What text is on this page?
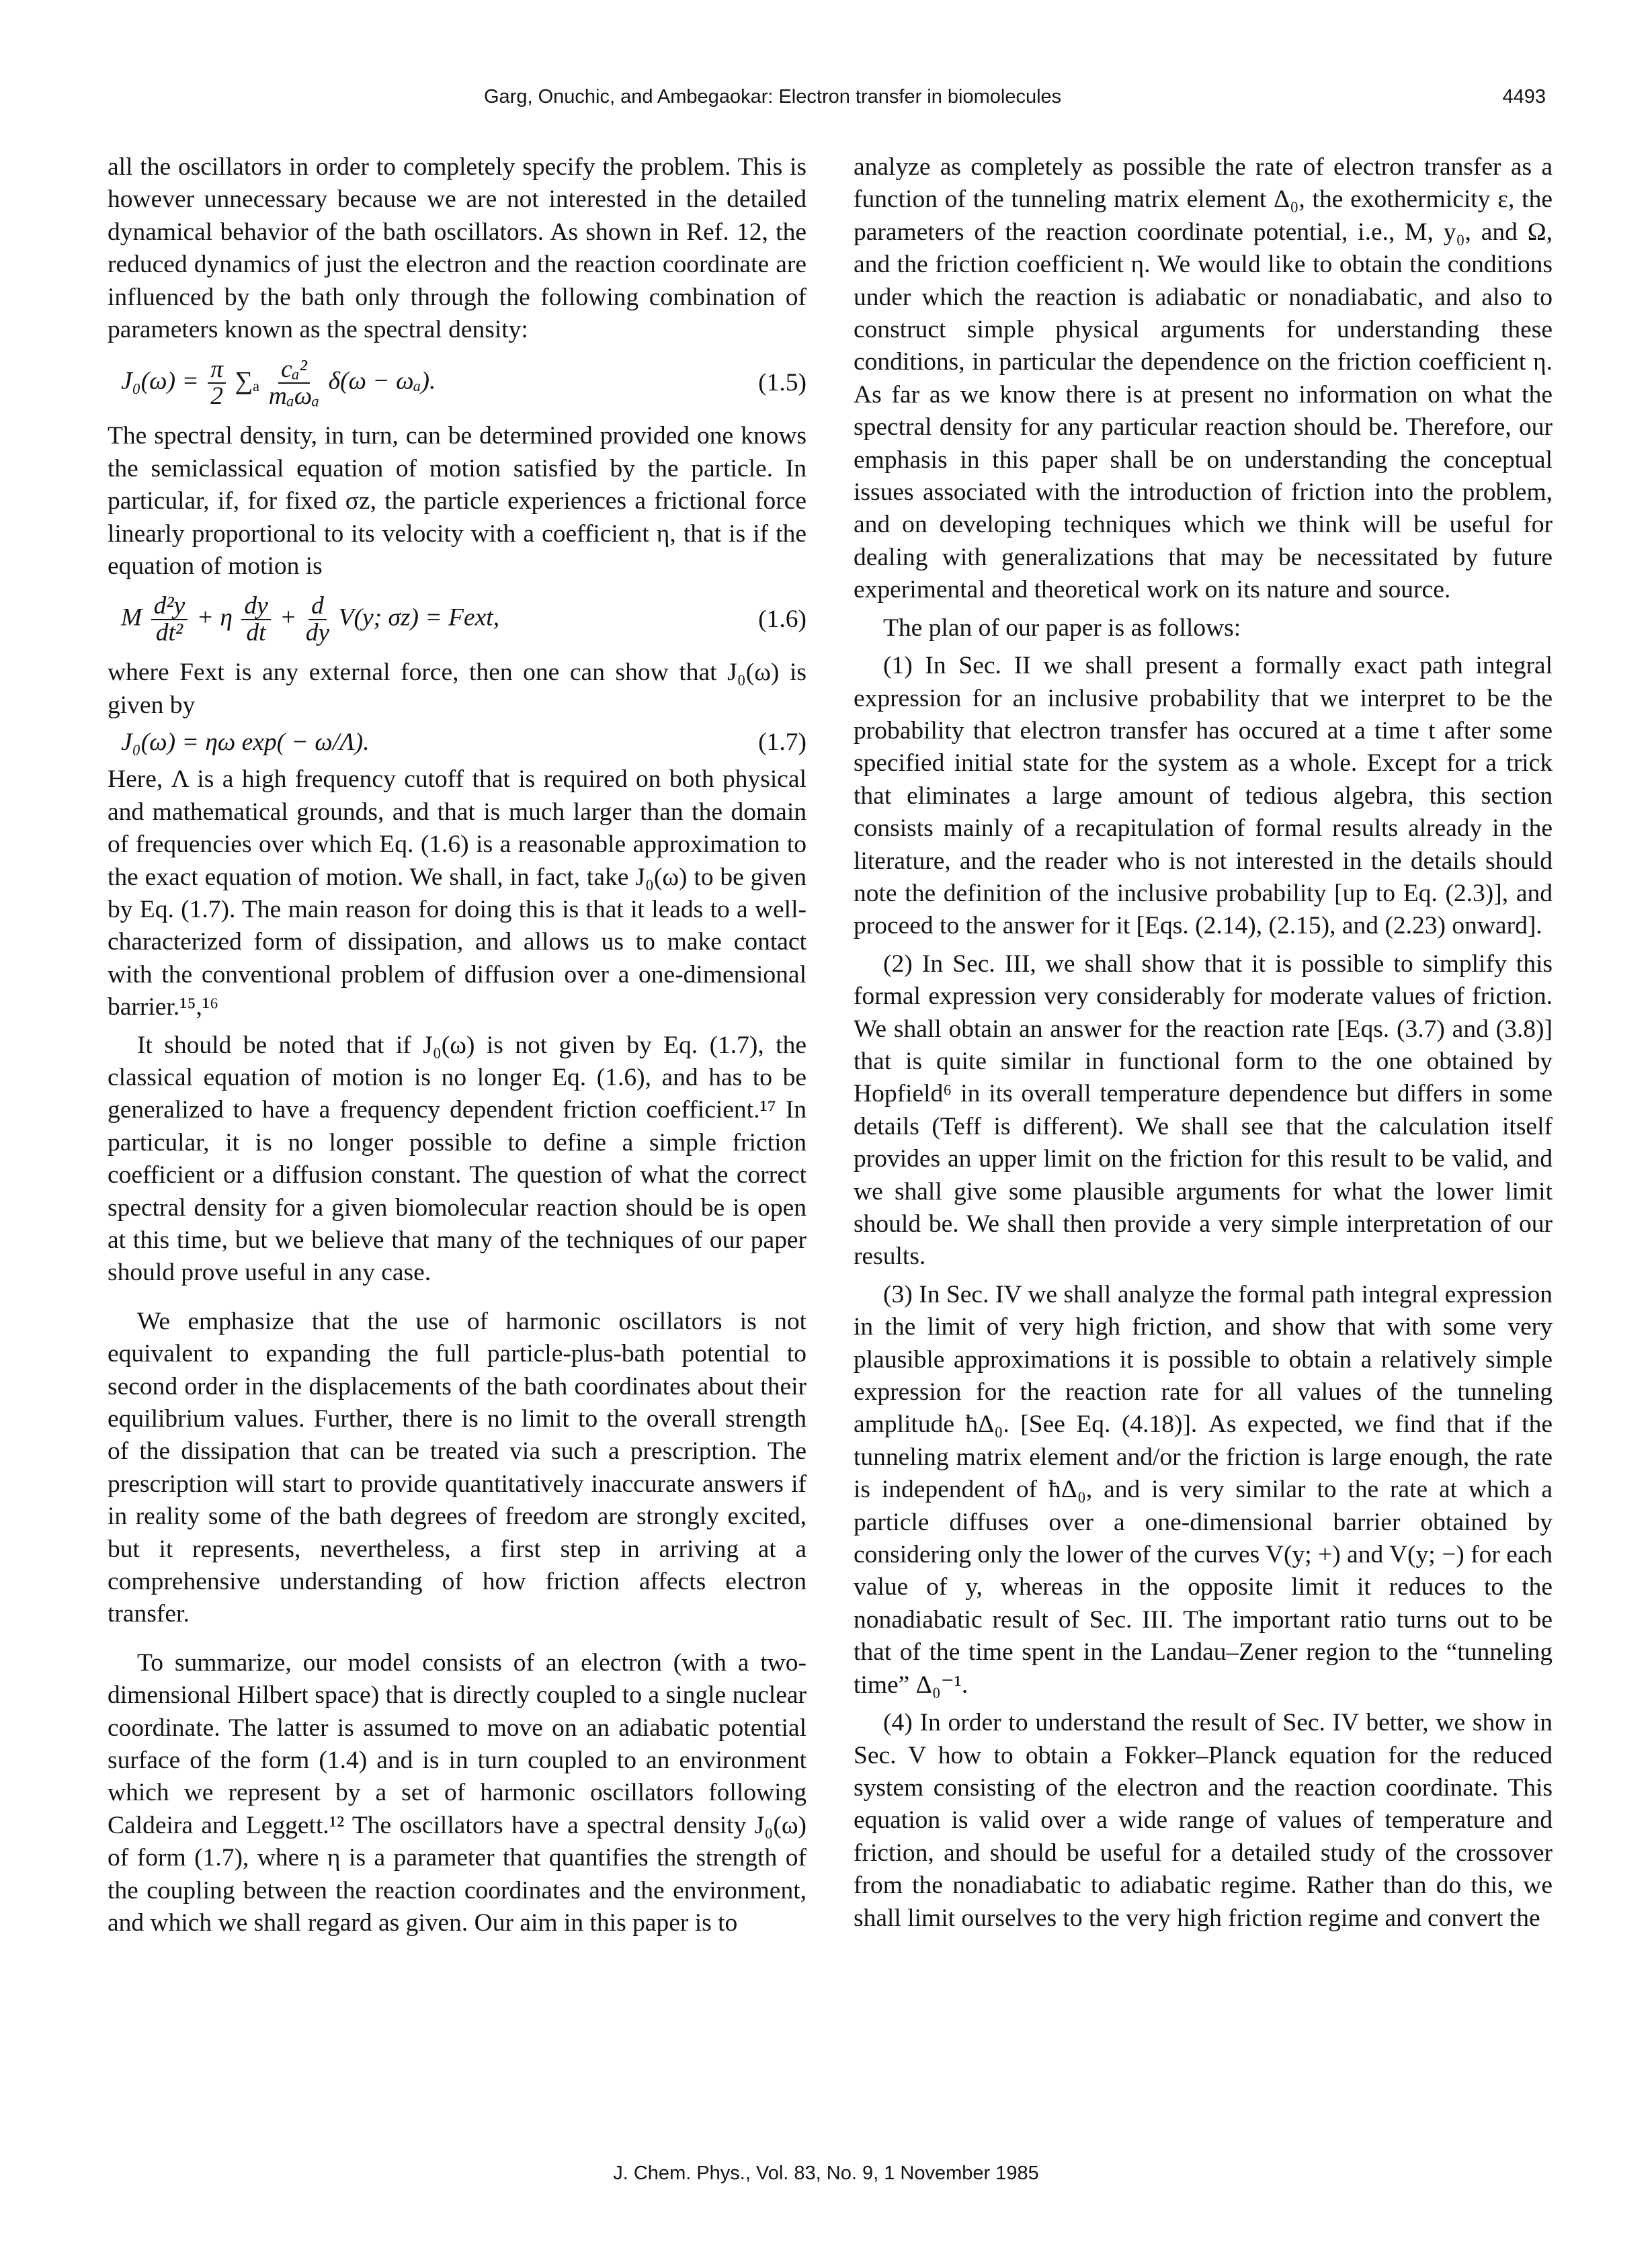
Garg, Onuchic, and Ambegaokar: Electron transfer in biomolecules	4493

all the oscillators in order to completely specify the problem. This is however unnecessary because we are not interested in the detailed dynamical behavior of the bath oscillators. As shown in Ref. 12, the reduced dynamics of just the electron and the reaction coordinate are influenced by the bath only through the following combination of parameters known as the spectral density:

$J_0(\omega) = \frac{\pi}{2} \sum_a \frac{\text{cₐ²}}{\text{mₐωₐ}} \delta(\omega - \omega_a)$.	(1.5)

The spectral density, in turn, can be determined provided one knows the semiclassical equation of motion satisfied by the particle. In particular, if, for fixed σz, the particle experiences a frictional force linearly proportional to its velocity with a coefficient η, that is if the equation of motion is

M $\frac{\text{d²y}}{\text{dt²}} + \eta \frac{dy}{dt} + \frac{d}{dy} V(y$; σz) = Fext,	(1.6)

where Fext is any external force, then one can show that J₀(ω) is given by

J₀(ω) = ηω exp( − ω/Λ).	(1.7)

Here, Λ is a high frequency cutoff that is required on both physical and mathematical grounds, and that is much larger than the domain of frequencies over which Eq. (1.6) is a reasonable approximation to the exact equation of motion. We shall, in fact, take J₀(ω) to be given by Eq. (1.7). The main reason for doing this is that it leads to a well-characterized form of dissipation, and allows us to make contact with the conventional problem of diffusion over a one-dimensional barrier.¹⁵,¹⁶

It should be noted that if J₀(ω) is not given by Eq. (1.7), the classical equation of motion is no longer Eq. (1.6), and has to be generalized to have a frequency dependent friction coefficient.¹⁷ In particular, it is no longer possible to define a simple friction coefficient or a diffusion constant. The question of what the correct spectral density for a given biomolecular reaction should be is open at this time, but we believe that many of the techniques of our paper should prove useful in any case.

We emphasize that the use of harmonic oscillators is not equivalent to expanding the full particle-plus-bath potential to second order in the displacements of the bath coordinates about their equilibrium values. Further, there is no limit to the overall strength of the dissipation that can be treated via such a prescription. The prescription will start to provide quantitatively inaccurate answers if in reality some of the bath degrees of freedom are strongly excited, but it represents, nevertheless, a first step in arriving at a comprehensive understanding of how friction affects electron transfer.

To summarize, our model consists of an electron (with a two-dimensional Hilbert space) that is directly coupled to a single nuclear coordinate. The latter is assumed to move on an adiabatic potential surface of the form (1.4) and is in turn coupled to an environment which we represent by a set of harmonic oscillators following Caldeira and Leggett.¹² The oscillators have a spectral density J₀(ω) of form (1.7), where η is a parameter that quantifies the strength of the coupling between the reaction coordinates and the environment, and which we shall regard as given. Our aim in this paper is to

analyze as completely as possible the rate of electron transfer as a function of the tunneling matrix element Δ₀, the exothermicity ε, the parameters of the reaction coordinate potential, i.e., M, y₀, and Ω, and the friction coefficient η. We would like to obtain the conditions under which the reaction is adiabatic or nonadiabatic, and also to construct simple physical arguments for understanding these conditions, in particular the dependence on the friction coefficient η. As far as we know there is at present no information on what the spectral density for any particular reaction should be. Therefore, our emphasis in this paper shall be on understanding the conceptual issues associated with the introduction of friction into the problem, and on developing techniques which we think will be useful for dealing with generalizations that may be necessitated by future experimental and theoretical work on its nature and source.

The plan of our paper is as follows:

(1) In Sec. II we shall present a formally exact path integral expression for an inclusive probability that we interpret to be the probability that electron transfer has occured at a time t after some specified initial state for the system as a whole. Except for a trick that eliminates a large amount of tedious algebra, this section consists mainly of a recapitulation of formal results already in the literature, and the reader who is not interested in the details should note the definition of the inclusive probability [up to Eq. (2.3)], and proceed to the answer for it [Eqs. (2.14), (2.15), and (2.23) onward].

(2) In Sec. III, we shall show that it is possible to simplify this formal expression very considerably for moderate values of friction. We shall obtain an answer for the reaction rate [Eqs. (3.7) and (3.8)] that is quite similar in functional form to the one obtained by Hopfield⁶ in its overall temperature dependence but differs in some details (Teff is different). We shall see that the calculation itself provides an upper limit on the friction for this result to be valid, and we shall give some plausible arguments for what the lower limit should be. We shall then provide a very simple interpretation of our results.

(3) In Sec. IV we shall analyze the formal path integral expression in the limit of very high friction, and show that with some very plausible approximations it is possible to obtain a relatively simple expression for the reaction rate for all values of the tunneling amplitude ħΔ₀. [See Eq. (4.18)]. As expected, we find that if the tunneling matrix element and/or the friction is large enough, the rate is independent of ħΔ₀, and is very similar to the rate at which a particle diffuses over a one-dimensional barrier obtained by considering only the lower of the curves V(y; +) and V(y; −) for each value of y, whereas in the opposite limit it reduces to the nonadiabatic result of Sec. III. The important ratio turns out to be that of the time spent in the Landau–Zener region to the “tunneling time” Δ₀⁻¹.

(4) In order to understand the result of Sec. IV better, we show in Sec. V how to obtain a Fokker–Planck equation for the reduced system consisting of the electron and the reaction coordinate. This equation is valid over a wide range of values of temperature and friction, and should be useful for a detailed study of the crossover from the nonadiabatic to adiabatic regime. Rather than do this, we shall limit ourselves to the very high friction regime and convert the

J. Chem. Phys., Vol. 83, No. 9, 1 November 1985
